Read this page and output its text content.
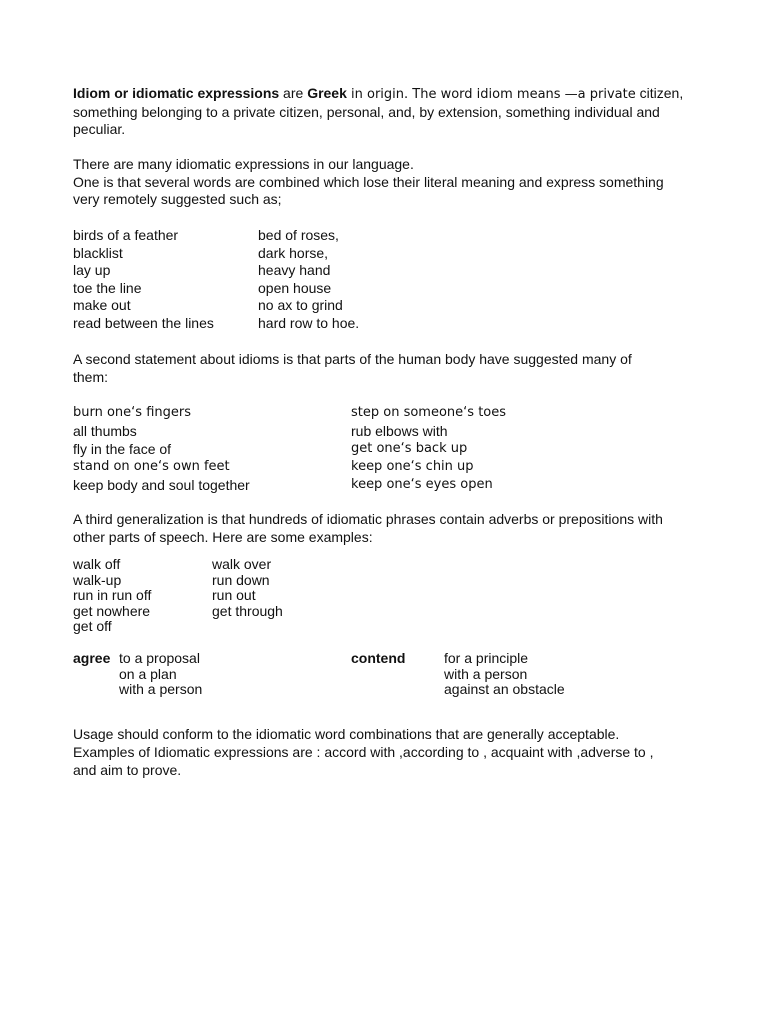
Idiom or idiomatic expressions are Greek in origin. The word idiom means —a private citizen, something belonging to a private citizen, personal, and, by extension, something individual and peculiar.

There are many idiomatic expressions in our language.

One is that several words are combined which lose their literal meaning and express something very remotely suggested such as;

birds of a feather
blacklist
lay up
toe the line
make out
read between the lines
bed of roses,
dark horse,
heavy hand
open house
no ax to grind
hard row to hoe.

A second statement about idioms is that parts of the human body have suggested many of them:

burn one‘s fingers
all thumbs
fly in the face of
stand on one‘s own feet
keep body and soul together
step on someone‘s toes
rub elbows with
get one‘s back up
keep one‘s chin up
keep one‘s eyes open

A third generalization is that hundreds of idiomatic phrases contain adverbs or prepositions with other parts of speech. Here are some examples:

walk off
walk-up
run in run off
get nowhere
get off
walk over
run down
run out
get through
agree to a proposal
on a plan
with a person
contend	for a principle
with a person
against an obstacle

Usage should conform to the idiomatic word combinations that are generally acceptable. Examples of Idiomatic expressions are : accord with ,according to , acquaint with ,adverse to , and aim to prove.
